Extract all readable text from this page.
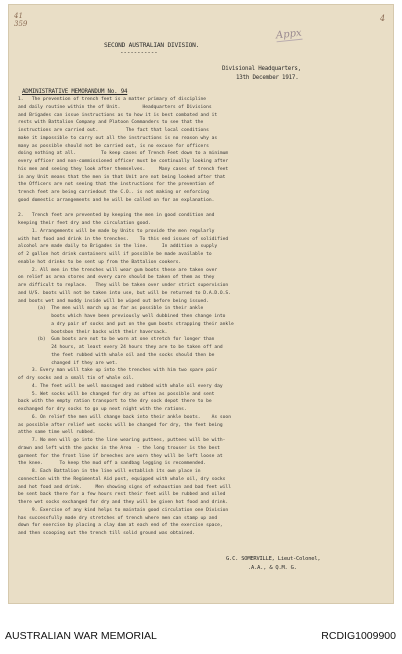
41
359
4
SECOND AUSTRALIAN DIVISION.
-----------
Appx
Divisional Headquarters,
13th December 1917.
ADMINISTRATIVE MEMORANDUM No. 94
1.   The prevention of trench feet is a matter primary of discipline
and daily routine within the of Unit.        Headquarters of Divisions
and Brigades can issue instructions as to how it is best combated and it
rests with Battalion Company and Platoon Commanders to see that the
instructions are carried out.          The fact that local conditions
make it impossible to carry out all the instructions is no reason why as
many as possible should not be carried out, is no excuse for officers
doing nothing at all.         To keep cases of Trench Feet down to a minimum
every officer and non-commissioned officer must be continually looking after
his men and seeing they look after themselves.     Many cases of trench feet
in any Unit means that the men in that Unit are not being looked after that
the Officers are not seeing that the instructions for the prevention of
trench feet are being carriedout the C.O.. is not making or enforcing
good domestic arrangements and he will be called on for an explanation.

2.   Trench feet are prevented by keeping the men in good condition and
keeping their feet dry and the circulation good.
1. Arrangements will be made by Units to provide the men regularly
with hot food and drink in the trenches.    To this end issues of solidified
alcohol are made daily to Brigades in the line.     In addition a supply
of 2 gallon hot drink containers will if possible be made available to
enable hot drinks to be sent up from the Battalion cookers.
2. All men in the trenches will wear gum boots these are taken over
on relief as area stores and every care should be taken of them as they
are difficult to replace.   They will be taken over under strict supervision
and U/S. boots will not be taken into use, but will be returned to D.A.D.O.S.
and boots wet and muddy inside will be wiped out before being issued.
(a)  The men will march up as far as possible in their ankle
boots which have been previously well dubbined then change into
a dry pair of socks and put on the gum boots strapping their ankle
bootsbon their backs with their haversack.
(b)  Gum boots are not to be worn at one stretch for longer than
24 hours, at least every 24 hours they are to be taken off and
the feet rubbed with whale oil and the socks should then be
changed if they are wet.
3. Every man will take up into the trenches with him two spare pair
of dry socks and a small tin of whale oil.
4. The feet will be well massaged and rubbed with whale oil every day
5. Wet socks will be changed for dry as often as possible and sent
back with the empty ration transport to the dry sock depot there to be
exchanged for dry socks to go up next night with the rations.
6. On relief the men will change back into their ankle boots.    As soon
as possible after relief wet socks will be changed for dry, the feet being
atthe same time well rubbed.
7. No men will go into the line wearing puttees, puttees will be with-
drawn and left with the packs in the Area  - the long trouser is the best
garment for the front line if breeches are worn they will be left loose at
the knee.      To keep the mud off a sandbag legging is recommended.
8. Each Battalion in the line will establish its own place in
connection with the Regimental Aid post, equipped with whale oil, dry socks
and hot food and drink.     Men showing signs of exhaustion and bad feet will
be sent back there for a few hours rest their feet will be rubbed and oiled
there wet socks exchanged for dry and they will be given hot food and drink.
9. Exercise of any kind helps to maintain good circulation one Division
has successfully made dry stretches of trench where men can stamp up and
down for exercise by placing a clay dam at each end of the exercise space,
and then scooping out the trench till solid ground was obtained.
G.C. SOMERVILLE, Lieut-Colonel,
.A.A., & Q.M. G.
AUSTRALIAN WAR MEMORIAL	RCDIG1009900
